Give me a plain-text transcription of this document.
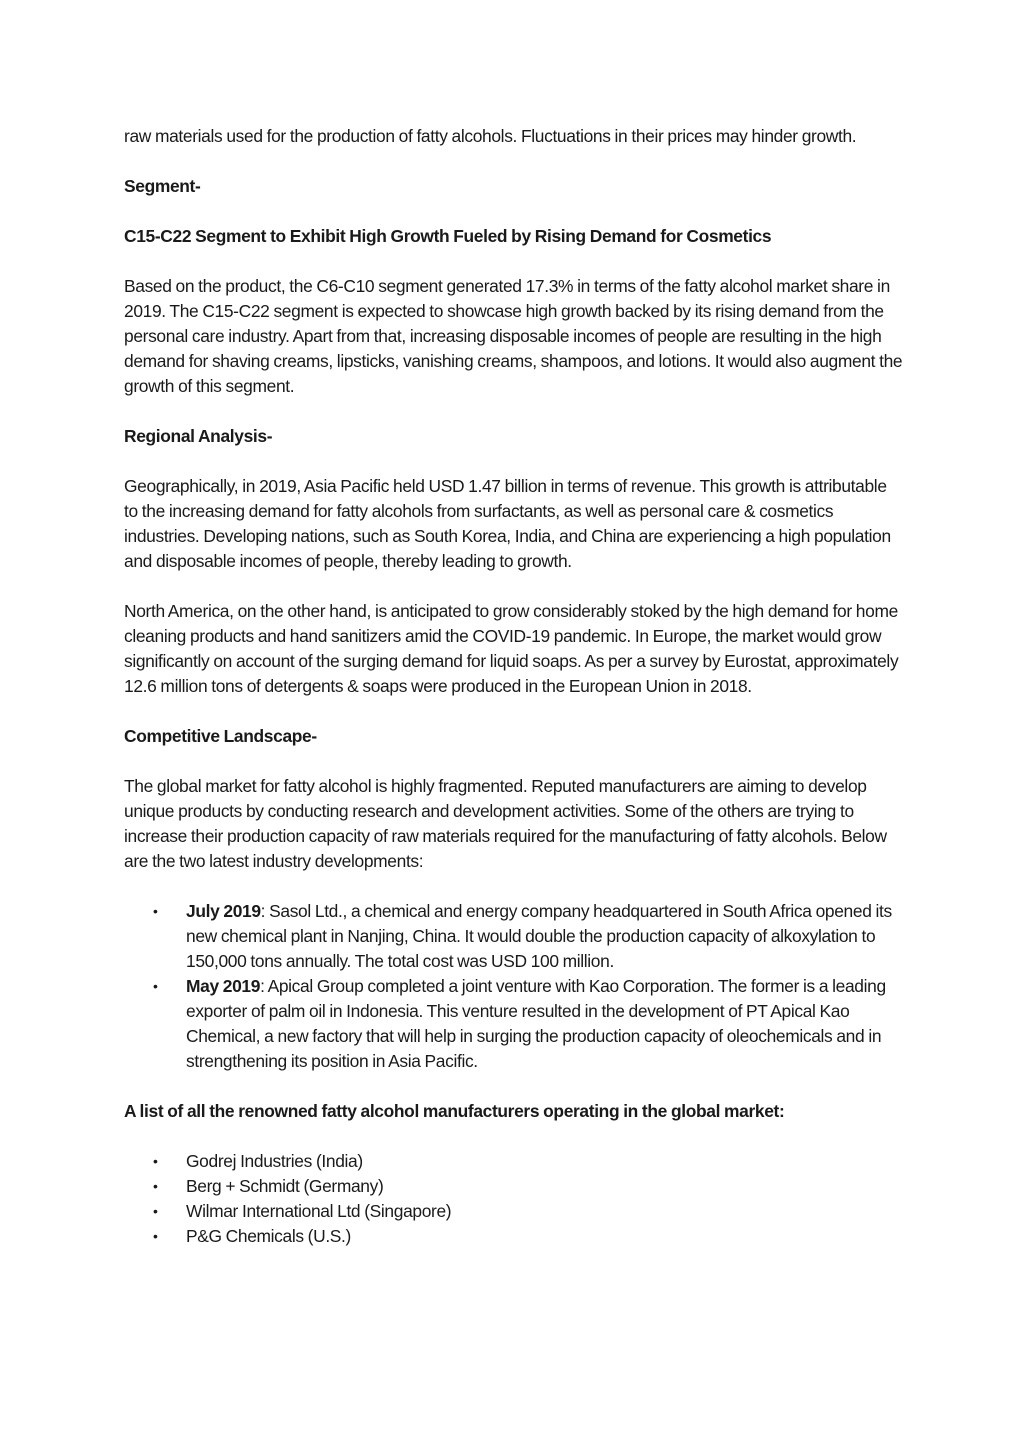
raw materials used for the production of fatty alcohols. Fluctuations in their prices may hinder growth.

Segment-

C15-C22 Segment to Exhibit High Growth Fueled by Rising Demand for Cosmetics

Based on the product, the C6-C10 segment generated 17.3% in terms of the fatty alcohol market share in 2019. The C15-C22 segment is expected to showcase high growth backed by its rising demand from the personal care industry. Apart from that, increasing disposable incomes of people are resulting in the high demand for shaving creams, lipsticks, vanishing creams, shampoos, and lotions. It would also augment the growth of this segment.

Regional Analysis-

Geographically, in 2019, Asia Pacific held USD 1.47 billion in terms of revenue. This growth is attributable to the increasing demand for fatty alcohols from surfactants, as well as personal care & cosmetics industries. Developing nations, such as South Korea, India, and China are experiencing a high population and disposable incomes of people, thereby leading to growth.

North America, on the other hand, is anticipated to grow considerably stoked by the high demand for home cleaning products and hand sanitizers amid the COVID-19 pandemic. In Europe, the market would grow significantly on account of the surging demand for liquid soaps. As per a survey by Eurostat, approximately 12.6 million tons of detergents & soaps were produced in the European Union in 2018.

Competitive Landscape-

The global market for fatty alcohol is highly fragmented. Reputed manufacturers are aiming to develop unique products by conducting research and development activities. Some of the others are trying to increase their production capacity of raw materials required for the manufacturing of fatty alcohols. Below are the two latest industry developments:

• July 2019: Sasol Ltd., a chemical and energy company headquartered in South Africa opened its new chemical plant in Nanjing, China. It would double the production capacity of alkoxylation to 150,000 tons annually. The total cost was USD 100 million.
• May 2019: Apical Group completed a joint venture with Kao Corporation. The former is a leading exporter of palm oil in Indonesia. This venture resulted in the development of PT Apical Kao Chemical, a new factory that will help in surging the production capacity of oleochemicals and in strengthening its position in Asia Pacific.

A list of all the renowned fatty alcohol manufacturers operating in the global market:

• Godrej Industries (India)
• Berg + Schmidt (Germany)
• Wilmar International Ltd (Singapore)
• P&G Chemicals (U.S.)
